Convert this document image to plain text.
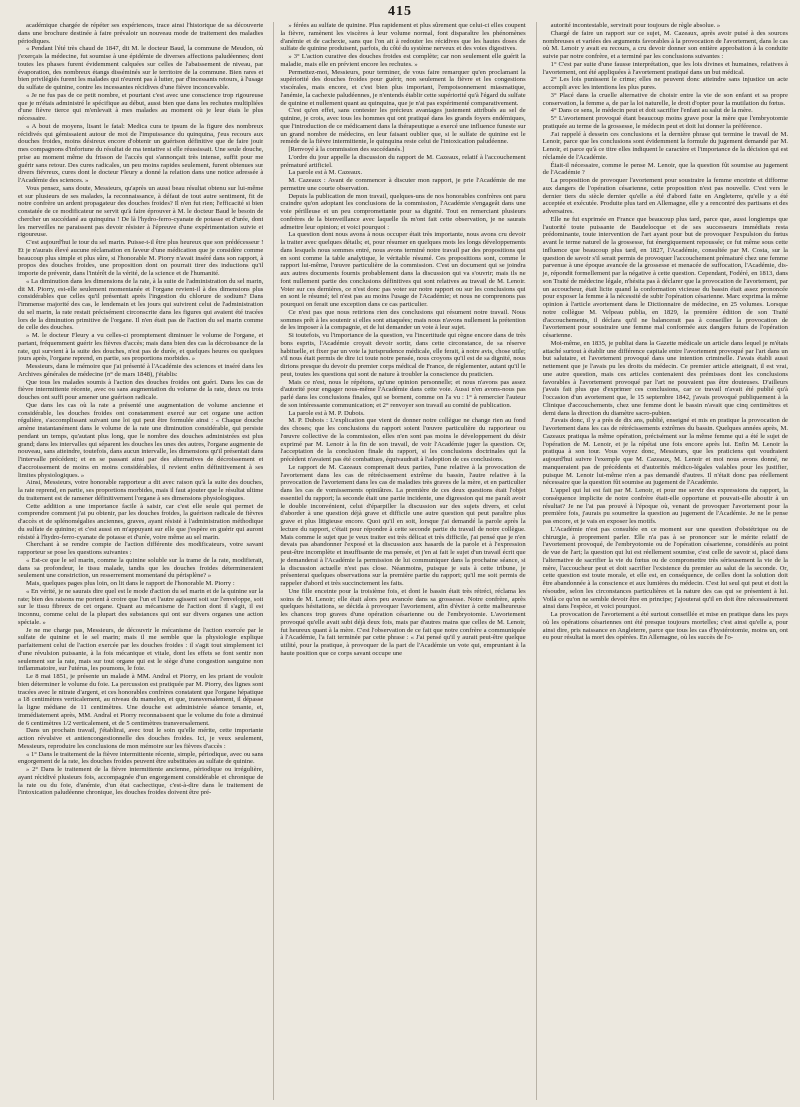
415

académique chargée de répéter ses expériences, trace ainsi l'historique de sa découverte dans une brochure destinée à faire prévaloir un nouveau mode de traitement des maladies périodiques.

« Pendant l'été très chaud de 1847, dit M. le docteur Baud, la commune de Meudon, où j'exerçais la médecine, fut soumise à une épidémie de diverses affections paludéennes; dont toutes les phases furent évidemment calquées sur celles de l'abaissement de niveau, par évaporation, des nombreux étangs disséminés sur le territoire de la commune. Bien rares et bien privilégiés furent les malades qui n'eurent pas à lutter, par d'incessants retours, à l'usage du sulfate de quinine, contre les incessantes récidives d'une fièvre inconcevable.

« Je ne fus pas de ce petit nombre, et pourtant c'est avec une conscience trop rigoureuse que je m'étais administré le spécifique au début, aussi bien que dans les rechutes multipliées d'une fièvre tierce qui m'enlevait à mes malades au moment où je leur étais le plus nécessaire.

« A bout de moyens, lisant le fatal: Medica cura te ipsum de la figure des nombreux récidivés qui gémissaient autour de moi de l'impuissance du quinquina, j'eus recours aux douches froides, moins désireux encore d'obtenir un guérison définitive que de faire jouir mes compagnons d'infortune du résultat de ma tentative si elle réussissait. Une seule douche, prise au moment même du frisson de l'accès qui s'annonçait très intense, suffit pour me guérir sans retour. Des cures radicales, un peu moins rapides seulement, furent obtenues sur divers fiévreux, cures dont le docteur Fleury a donné la relation dans une notice adressée à l'Académie des sciences. »

Vous pensez, sans doute, Messieurs, qu'après un aussi beau résultat obtenu sur lui-même et sur plusieurs de ses malades, la reconnaissance, à défaut de tout autre sentiment, fit de notre confrère un ardent propagateur des douches froides? Il n'en fut rien; l'efficacité si bien constatée de ce modificateur ne servit qu'à faire éprouver à M. le docteur Baud le besoin de chercher un succédané au quinquina ! De là l'hydro-ferro-cyanate de potasse et d'urée, dont les merveilles ne paraissent pas devoir résister à l'épreuve d'une expérimentation suivie et rigoureuse.

C'est aujourd'hui le tour du sel marin. Puisse-t-il être plus heureux que son prédécesseur ! Et je n'aurais élevé aucune réclamation en faveur d'une médication que je considère comme beaucoup plus simple et plus sûre, si l'honorable M. Piorry n'avait inséré dans son rapport, à propos des douches froides, une proposition dont on pourrait tirer des inductions qu'il importe de prévenir, dans l'intérêt de la vérité, de la science et de l'humanité.

« La diminution dans les dimensions de la rate, à la suite de l'administration du sel marin, dit M. Piorry, est-elle seulement momentanée et l'organe revient-il à des dimensions plus considérables que celles qu'il présentait après l'ingestion du chlorure de sodium? Dans l'immense majorité des cas, le lendemain et les jours qui suivirent celui de l'administration du sel marin, la rate restait précisément circonscrite dans les figures qui avaient été tracées lors de la diminution primitive de l'organe. Il n'en était pas de l'action du sel marin comme de celle des douches.

» M. le docteur Fleury a vu celles-ci promptement diminuer le volume de l'organe, et partant, fréquemment guérir les fièvres d'accès; mais dans bien des cas la décroissance de la rate, qui survient à la suite des douches, n'est pas de durée, et quelques heures ou quelques jours après, l'organe reprend, en partie, ses proportions morbides. »

Messieurs, dans le mémoire que j'ai présenté à l'Académie des sciences et inséré dans les Archives générales de médecine (n° de mars 1848), j'établis:

Que tous les malades soumis à l'action des douches froides ont guéri. Dans les cas de fièvre intermittente récente, avec ou sans augmentation du volume de la rate, deux ou trois douches ont suffi pour amener une guérison radicale.

Que dans les cas où la rate a présenté une augmentation de volume ancienne et considérable, les douches froides ont constamment exercé sur cet organe une action régulière, s'accomplissant suivant une loi qui peut être formulée ainsi : « Chaque douche amène instantanément dans le volume de la rate une diminution considérable, qui persiste pendant un temps, qu'autant plus long, que le nombre des douches administrées est plus grand; dans les intervalles qui séparent les douches les unes des autres, l'organe augmente de nouveau, sans atteindre, toutefois, dans aucun intervalle, les dimensions qu'il présentait dans l'intervalle précédent; et en se passant ainsi par des alternatives de décroissement et d'accroissement de moins en moins considérables, il revient enfin définitivement à ses limites physiologiques. »

Ainsi, Messieurs, votre honorable rapporteur a dit avec raison qu'à la suite des douches, la rate reprend, en partie, ses proportions morbides, mais il faut ajouter que le résultat ultime du traitement est de ramener définitivement l'organe à ses dimensions physiologiques.

Cette addition a une importance facile à saisir, car c'est elle seule qui permet de comprendre comment j'ai pu obtenir, par les douches froides, la guérison radicale de fièvres d'accès et de splénomégalies anciennes, graves, ayant résisté à l'administration méthodique du sulfate de quinine; et c'est aussi en m'appuyant sur elle que j'espère en guérir qui auront résisté à l'hydro-ferro-cyanate de potasse et d'urée, voire même au sel marin.

Cherchant à se rendre compte de l'action différente des modificateurs, votre savant rapporteur se pose les questions suivantes :

« Est-ce que le sel marin, comme la quinine soluble sur la trame de la rate, modifierait, dans sa profondeur, le tissu malade, tandis que les douches froides détermineraient seulement une constriction, un resserrement momentané du périsplène? »

Mais, quelques pages plus loin, on lit dans le rapport de l'honorable M. Piorry :

« En vérité, je ne saurais dire quel est le mode d'action du sel marin et de la quinine sur la rate; bien des raisons me portent à croire que l'un et l'autre agissent soit sur l'enveloppe, soit sur le tissu fibreux de cet organe. Quant au mécanisme de l'action dont il s'agit, il est inconnu, comme celui de la plupart des substances qui ont sur divers organes une action spéciale. »

Je ne me charge pas, Messieurs, de découvrir le mécanisme de l'action exercée par le sulfate de quinine et le sel marin; mais il me semble que la physiologie explique parfaitement celui de l'action exercée par les douches froides : il s'agit tout simplement ici d'une révulsion puissante, à la fois mécanique et vitale, dont les effets se font sentir non seulement sur la rate, mais sur tout organe qui est le siège d'une congestion sanguine non inflammatoire, sur l'utérus, les poumons, le foie.

Le 8 mai 1851, je présente un malade à MM. Andral et Piorry, en les priant de vouloir bien déterminer le volume du foie. La percussion est pratiquée par M. Piorry, des lignes sont tracées avec le nitrate d'argent, et ces honorables confrères constatent que l'organe hépatique a 18 centimètres verticalement, au niveau du mamelon, et que, transversalement, il dépasse la ligne médiane de 11 centimètres. Une douche est administrée séance tenante, et, immédiatement après, MM. Andral et Piorry reconnaissent que le volume du foie a diminué de 6 centimètres 1/2 verticalement, et de 5 centimètres transversalement.

Dans un prochain travail, j'établirai, avec tout le soin qu'elle mérite, cette importante action révulsive et antiencongestionnelle des douches froides. Ici, je veux seulement, Messieurs, reproduire les conclusions de mon mémoire sur les fièvres d'accès :

« 1° Dans le traitement de la fièvre intermittente récente, simple, périodique, avec ou sans engorgement de la rate, les douches froides peuvent être substituées au sulfate de quinine.

» 2° Dans le traitement de la fièvre intermittente ancienne, périodique ou irrégulière, ayant récidivé plusieurs fois, accompagnée d'un engorgement considérable et chronique de la rate ou du foie, d'anémie, d'un état cachectique, c'est-à-dire dans le traitement de l'intoxication paludéenne chronique, les douches froides doivent être pré-

» férées au sulfate de quinine. Plus rapidement et plus sûrement que celui-ci elles coupent la fièvre, ramènent les viscères à leur volume normal, font disparaître les phénomènes d'anémie et de cachexie, sans que l'on ait à redouter les récidives que les hautes doses de sulfate de quinine produisent, parfois, du côté du système nerveux et des voies digestives.

» 3° L'action curative des douches froides est complète; car non seulement elle guérit la maladie, mais elle en prévient encore les rechutes. »

Permettez-moi, Messieurs, pour terminer, de vous faire remarquer qu'en proclamant la supériorité des douches froides pour guérir, non seulement la fièvre et les congestions viscérales, mais encore, et c'est bien plus important, l'empoisonnement miasmatique, l'anémie, la cachexie paludéennes, je n'entends établir cette supériorité qu'à l'égard du sulfate de quinine et nullement quant au quinquina, que je n'ai pas expérimenté comparativement.

C'est qu'en effet, sans contester les précieux avantages justement attribués au sel de quinine, je crois, avec tous les hommes qui ont pratiqué dans les grands foyers endémiques, que l'introduction de ce médicament dans la thérapeutique a exercé une influence funeste sur un grand nombre de médecins, en leur faisant oublier que, si le sulfate de quinine est le remède de la fièvre intermittente, le quinquina reste celui de l'intoxication paludéenne.

[Renvoyé à la commission des succédanés.]

L'ordre du jour appelle la discussion du rapport de M. Cazeaux, relatif à l'accouchement prématuré artificiel.

La parole est à M. Cazeaux.

M. Cazeaux : Avant de commencer à discuter mon rapport, je prie l'Académie de me permettre une courte observation.

Depuis la publication de mon travail, quelques-uns de nos honorables confrères ont paru craindre qu'on adoptant les conclusions de la commission, l'Académie s'engageât dans une voie périlleuse et un peu compromettante pour sa dignité. Tout en remerciant plusieurs confrères de la bienveillance avec laquelle ils m'ont fait cette observation, je ne saurais admettre leur opinion; et voici pourquoi :

La question dont nous avons à nous occuper était très importante, nous avons cru devoir la traiter avec quelques détails; et, pour résumer en quelques mots les longs développements dans lesquels nous sommes entré, nous avons terminé notre travail par des propositions qui en sont comme la table analytique, le véritable résumé. Ces propositions sont, comme le rapport lui-même, l'œuvre particulière de la commission. C'est un document qui se joindra aux autres documents fournis probablement dans la discussion qui va s'ouvrir; mais ils ne font nullement partie des conclusions définitives qui sont relatives au travail de M. Lenoir. Voter sur ces dernières, ce n'est donc pas voter sur notre rapport ou sur les conclusions qui en sont le résumé; tel n'est pas au moins l'usage de l'Académie; et nous ne comprenons pas pourquoi on ferait une exception dans ce cas particulier.

Ce n'est pas que nous retirions rien des conclusions qui résument notre travail. Nous sommes prêt à les soutenir si elles sont attaquées; mais nous n'avons nullement la prétention de les imposer à la compagnie, et de lui demander un vote à leur sujet.

Si toutefois, vu l'importance de la question, vu l'incertitude qui règne encore dans de très bons esprits, l'Académie croyait devoir sortir, dans cette circonstance, de sa réserve habituelle, et fixer par un vote la jurisprudence médicale, elle ferait, à notre avis, chose utile; s'il nous était permis de dire ici toute notre pensée, nous croyons qu'il est de sa dignité, nous dirions presque du devoir du premier corps médical de France, de réglementer, autant qu'il le peut, toutes les questions qui sont de nature à troubler la conscience du praticien.

Mais ce n'est, nous le répétons, qu'une opinion personnelle; et nous n'avons pas assez d'autorité pour engager nous-même l'Académie dans cette voie. Aussi n'en avons-nous pas parlé dans les conclusions finales, qui se bornent, comme on l'a vu : 1° à remercier l'auteur de son intéressante communication; et 2° renvoyer son travail au comité de publication.

La parole est à M. P. Dubois.

M. P. Dubois : L'explication que vient de donner notre collègue ne change rien au fond des choses; que les conclusions du rapport soient l'œuvre particulière du rapporteur ou l'œuvre collective de la commission, elles n'en sont pas moins le développement du désir exprimé par M. Lenoir à la fin de son travail, de voir l'Académie juger la question. Or, l'acceptation de la conclusion finale du rapport, si les conclusions doctrinales qui la précèdent n'avaient pas été combattues, équivaudrait à l'adoption de ces conclusions.

Le rapport de M. Cazeaux comprenait deux parties, l'une relative à la provocation de l'avortement dans les cas de rétrécissement extrême du bassin, l'autre relative à la provocation de l'avortement dans les cas de maladies très graves de la mère, et en particulier dans les cas de vomissements opiniâtres. La première de ces deux questions était l'objet essentiel du rapport; la seconde était une partie incidente, une digression qui me paraît avoir le double inconvénient, celui d'éparpiller la discussion sur des sujets divers, et celui d'aborder à une question déjà grave et difficile une autre question qui peut paraître plus grave et plus litigieuse encore. Quoi qu'il en soit, lorsque j'ai demandé la parole après la lecture du rapport, c'était pour répondre à cette seconde partie du travail de notre collègue. Mais comme le sujet que je veux traiter est très délicat et très difficile, j'ai pensé que je n'en devais pas abandonner l'exposé et la discussion aux hasards de la parole et à l'expression peut-être incomplète et insuffisante de ma pensée, et j'en ai fait le sujet d'un travail écrit que je demanderai à l'Académie la permission de lui communiquer dans la prochaine séance, si la discussion actuelle n'est pas close. Néanmoins, puisque je suis à cette tribune, je présenterai quelques observations sur la première partie du rapport; qu'il me soit permis de rappeler d'abord et très succinctement les faits.

Une fille enceinte pour la troisième fois, et dont le bassin était très rétréci, réclama les soins de M. Lenoir; elle était alors peu avancée dans sa grossesse. Notre confrère, après quelques hésitations, se décida à provoquer l'avortement, afin d'éviter à cette malheureuse les chances trop graves d'une opération césarienne ou de l'embryotomie. L'avortement provoqué qu'elle avait subi déjà deux fois, mais par d'autres mains que celles de M. Lenoir, fut heureux quant à la mère. C'est l'observation de ce fait que notre confrère a communiquée à l'Académie, l'a fait terminée par cette phrase : « J'ai pensé qu'il y aurait peut-être quelque utilité, pour la pratique, à provoquer de la part de l'Académie un vote qui, empruntant à la haute position que ce corps savant occupe une

autorité incontestable, servirait pour toujours de règle absolue. »

Chargé de faire un rapport sur ce sujet, M. Cazeaux, après avoir puisé à des sources nombreuses et variées des arguments favorables à la provocation de l'avortement, dans le cas où M. Lenoir y avait eu recours, a cru devoir donner son entière approbation à la conduite suivie par notre confrère, et a terminé par les conclusions suivantes :

1° C'est par suite d'une fausse interprétation, que les lois divines et humaines, relatives à l'avortement, ont été appliquées à l'avortement pratiqué dans un but médical.

2° Les lois punissent le crime; elles ne peuvent donc atteindre sans injustice un acte accompli avec les intentions les plus pures.

3° Placé dans la cruelle alternative de choisir entre la vie de son enfant et sa propre conservation, la femme a, de par la loi naturelle, le droit d'opter pour la mutilation du fœtus.

4° Dans ce sens, le médecin peut et doit sacrifier l'enfant au salut de la mère.

5° L'avortement provoqué étant beaucoup moins grave pour la mère que l'embryotomie pratiquée au terme de la grossesse, le médecin peut et doit lui donner la préférence.

J'ai rappelé à dessein ces conclusions et la dernière phrase qui termine le travail de M. Lenoir, parce que les conclusions sont évidemment la formule du jugement demandé par M. Lenoir, et parce qu'à ce titre elles indiquent le caractère et l'importance de la décision qui est réclamée de l'Académie.

Était-il nécessaire, comme le pense M. Lenoir, que la question fût soumise au jugement de l'Académie ?

La proposition de provoquer l'avortement pour soustraire la femme enceinte et difforme aux dangers de l'opération césarienne, cette proposition n'est pas nouvelle. C'est vers le dernier tiers du siècle dernier qu'elle a été d'abord faite en Angleterre, qu'elle y a été acceptée et exécutée. Produite plus tard en Allemagne, elle y a rencontré des partisans et des adversaires.

Elle ne fut exprimée en France que beaucoup plus tard, parce que, aussi longtemps que l'autorité toute puissante de Baudelocque et de ses successeurs immédiats resta prédominante, toute intervention de l'art ayant pour but de provoquer l'expulsion du fœtus avant le terme naturel de la grossesse, fut énergiquement repoussée; ce fut même sous cette influence que beaucoup plus tard, en 1827, l'Académie, consultée par M. Costa, sur la question de savoir s'il serait permis de provoquer l'accouchement prématuré chez une femme parvenue à une époque avancée de la grossesse et menacée de suffocation, l'Académie, dis-je, répondit formellement par la négative à cette question. Cependant, Fodéré, en 1813, dans son Traité de médecine légale, n'hésita pas à déclarer que la provocation de l'avortement, par un accoucheur, était licite quand la conformation vicieuse du bassin était assez prononcée pour exposer la femme à la nécessité de subir l'opération césarienne. Marc exprima la même opinion à l'article avortement dans le Dictionnaire de médecine, en 25 volumes. Lorsque notre collègue M. Velpeau publia, en 1829, la première édition de son Traité d'accouchements, il déclara qu'il ne balancerait pas à conseiller la provocation de l'avortement pour soustraire une femme mal conformée aux dangers futurs de l'opération césarienne.

Moi-même, en 1835, je publiai dans la Gazette médicale un article dans lequel je m'étais attaché surtout à établir une différence capitale entre l'avortement provoqué par l'art dans un but salutaire, et l'avortement provoqué dans une intention criminelle. J'avais établi aussi nettement que je l'avais pu les droits du médecin. Ce premier article atteignait, il est vrai, une autre question, mais ces articles contenaient des prémisses dont les conclusions favorables à l'avortement provoqué par l'art ne pouvaient pas être douteuses. D'ailleurs j'avais fait plus que d'exprimer ces conclusions, car ce travail n'avait été publié qu'à l'occasion d'un avortement que, le 15 septembre 1842, j'avais provoqué publiquement à la Clinique d'accouchements, chez une femme dont le bassin n'avait que cinq centimètres et demi dans la direction du diamètre sacro-pubien.

J'avais donc, il y a près de dix ans, publié, enseigné et mis en pratique la provocation de l'avortement dans les cas de rétrécissements extrêmes du bassin. Quelques années après, M. Cazeaux pratiqua la même opération, précisément sur la même femme qui a été le sujet de l'opération de M. Lenoir, et je la répétai une fois encore après lui. Enfin M. Lenoir la pratiqua à son tour. Vous voyez donc, Messieurs, que les praticiens qui voudraient aujourd'hui suivre l'exemple que M. Cazeaux, M. Lenoir et moi nous avons donné, ne manqueraient pas de précédents et d'autorités médico-légales valables pour les justifier, puisque M. Lenoir lui-même n'en a pas demandé d'autres. Il n'était donc pas réellement nécessaire que la question fût soumise au jugement de l'Académie.

L'appel qui lui est fait par M. Lenoir, et pour me servir des expressions du rapport, la conséquence implicite de notre confrère était-elle opportune et pouvait-elle aboutir à un résultat? Je ne l'ai pas prouvé à l'époque où, venant de provoquer l'avortement pour la première fois, j'aurais pu soumettre la question au jugement de l'Académie. Je ne le pense pas encore, et je vais en exposer les motifs.

L'Académie n'est pas consultée en ce moment sur une question d'obstétrique ou de chirurgie, à proprement parler. Elle n'a pas à se prononcer sur le mérite relatif de l'avortement provoqué, de l'embryotomie ou de l'opération césarienne, considérés au point de vue de l'art; la question qui lui est réellement soumise, c'est celle de savoir si, placé dans l'alternative de sacrifier la vie du fœtus ou de compromettre très sérieusement la vie de la mère, l'accoucheur peut et doit sacrifier l'existence du premier au salut de la seconde. Or, cette question est toute morale, et elle est, en conséquence, de celles dont la solution doit être abandonnée à la conscience et aux lumières du médecin. C'est lui seul qui peut et doit la résoudre, selon les circonstances particulières et la nature des cas qui se présentent à lui. Voilà ce qu'on ne semble devoir être en principe; j'ajouterai qu'il en doit être nécessairement ainsi dans l'espèce, et voici pourquoi.

La provocation de l'avortement a été surtout conseillée et mise en pratique dans les pays où les opérations césariennes ont été presque toujours mortelles; c'est ainsi qu'elle a, pour ainsi dire, pris naissance en Angleterre, parce que tous les cas d'hystérotomie, moins un, ont eu pour résultat la mort des opérées. En Allemagne, où les succès de l'o-
